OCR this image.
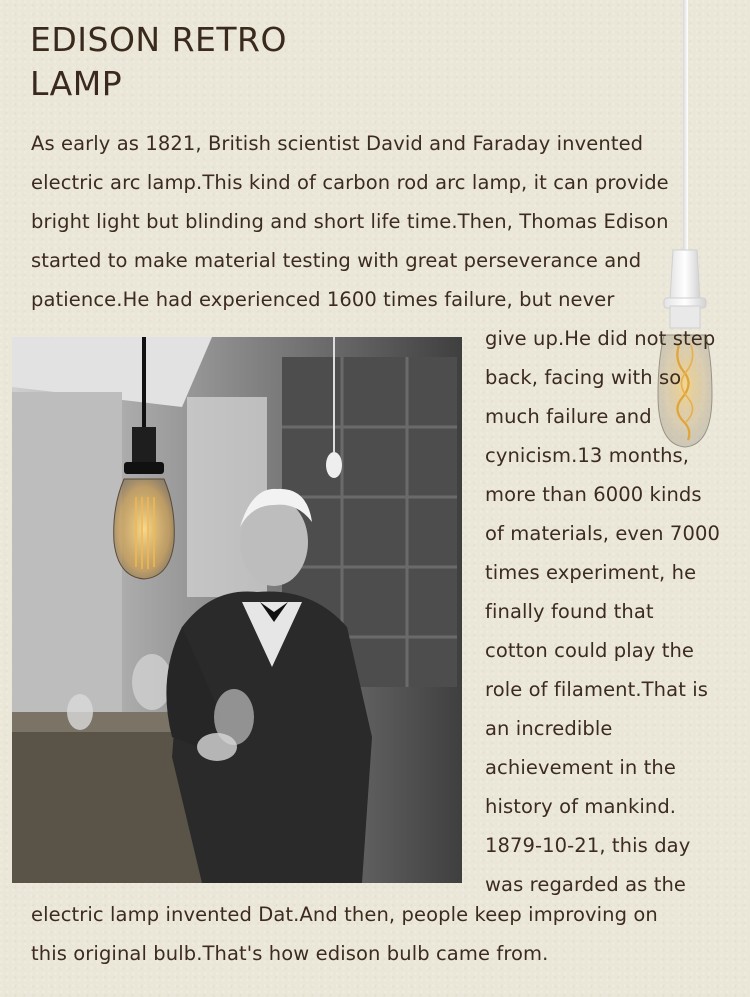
EDISON RETRO
LAMP
As early as 1821, British scientist David and Faraday invented
electric arc lamp.This kind of carbon rod arc lamp, it can provide
bright light but blinding and short life time.Then, Thomas Edison
started to make material testing with great perseverance and
patience.He had experienced 1600 times failure, but never
give up.He did not step
back, facing with so
much failure and
cynicism.13 months,
more than 6000 kinds
of materials, even 7000
times experiment, he
finally found that
cotton could play the
role of filament.That is
an incredible
achievement in the
history of mankind.
1879-10-21, this day
was regarded as the
electric lamp invented Dat.And then, people keep improving on
this original bulb.That's how edison bulb came from.
